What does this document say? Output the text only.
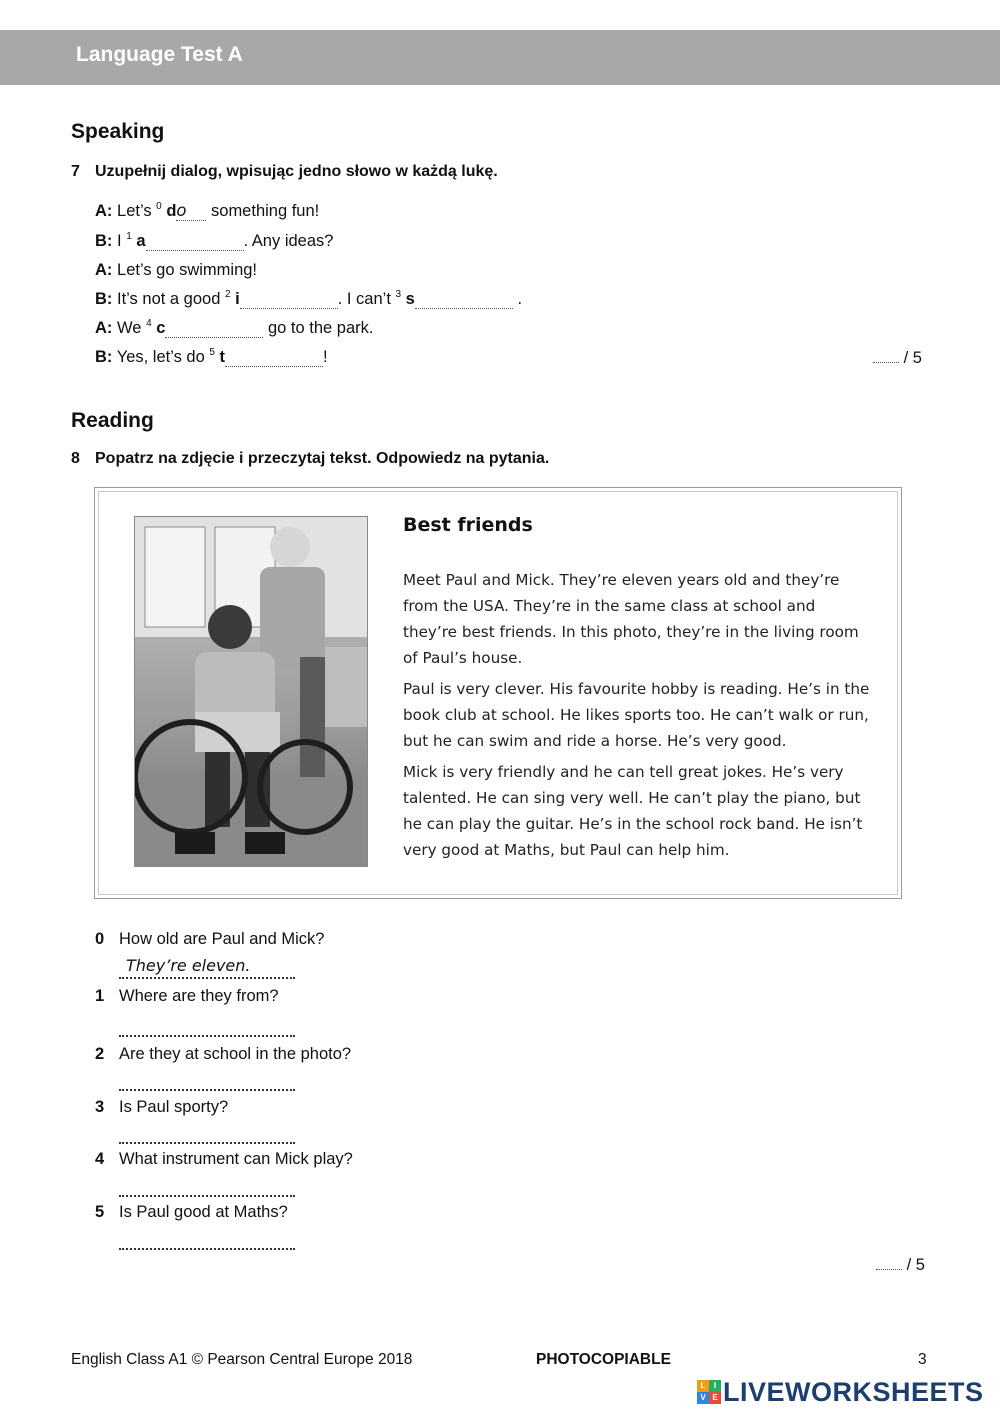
Language Test A
Speaking
7 Uzupełnij dialog, wpisując jedno słowo w każdą lukę.
A: Let’s $^0$ do something fun!
B: I $^1$ a	. Any ideas?
A: Let’s go swimming!
B: It’s not a good $^2$ i	. I can’t $^3$ s	.
A: We $^4$ c	go to the park.
B: Yes, let’s do $^5$ t	!	/ 5
Reading
8 Popatrz na zdjęcie i przeczytaj tekst. Odpowiedz na pytania.
Best friends
Meet Paul and Mick. They’re eleven years old and they’re from the USA. They’re in the same class at school and they’re best friends. In this photo, they’re in the living room of Paul’s house.
Paul is very clever. His favourite hobby is reading. He’s in the book club at school. He likes sports too. He can’t walk or run, but he can swim and ride a horse. He’s very good.
Mick is very friendly and he can tell great jokes. He’s very talented. He can sing very well. He can’t play the piano, but he can play the guitar. He’s in the school rock band. He isn’t very good at Maths, but Paul can help him.
0 How old are Paul and Mick?
They’re eleven.
1 Where are they from?
2 Are they at school in the photo?
3 Is Paul sporty?
4 What instrument can Mick play?
5 Is Paul good at Maths?
/ 5
English Class A1 © Pearson Central Europe 2018	PHOTOCOPIABLE	3
L	I
V E LIVEWORKSHEETS
